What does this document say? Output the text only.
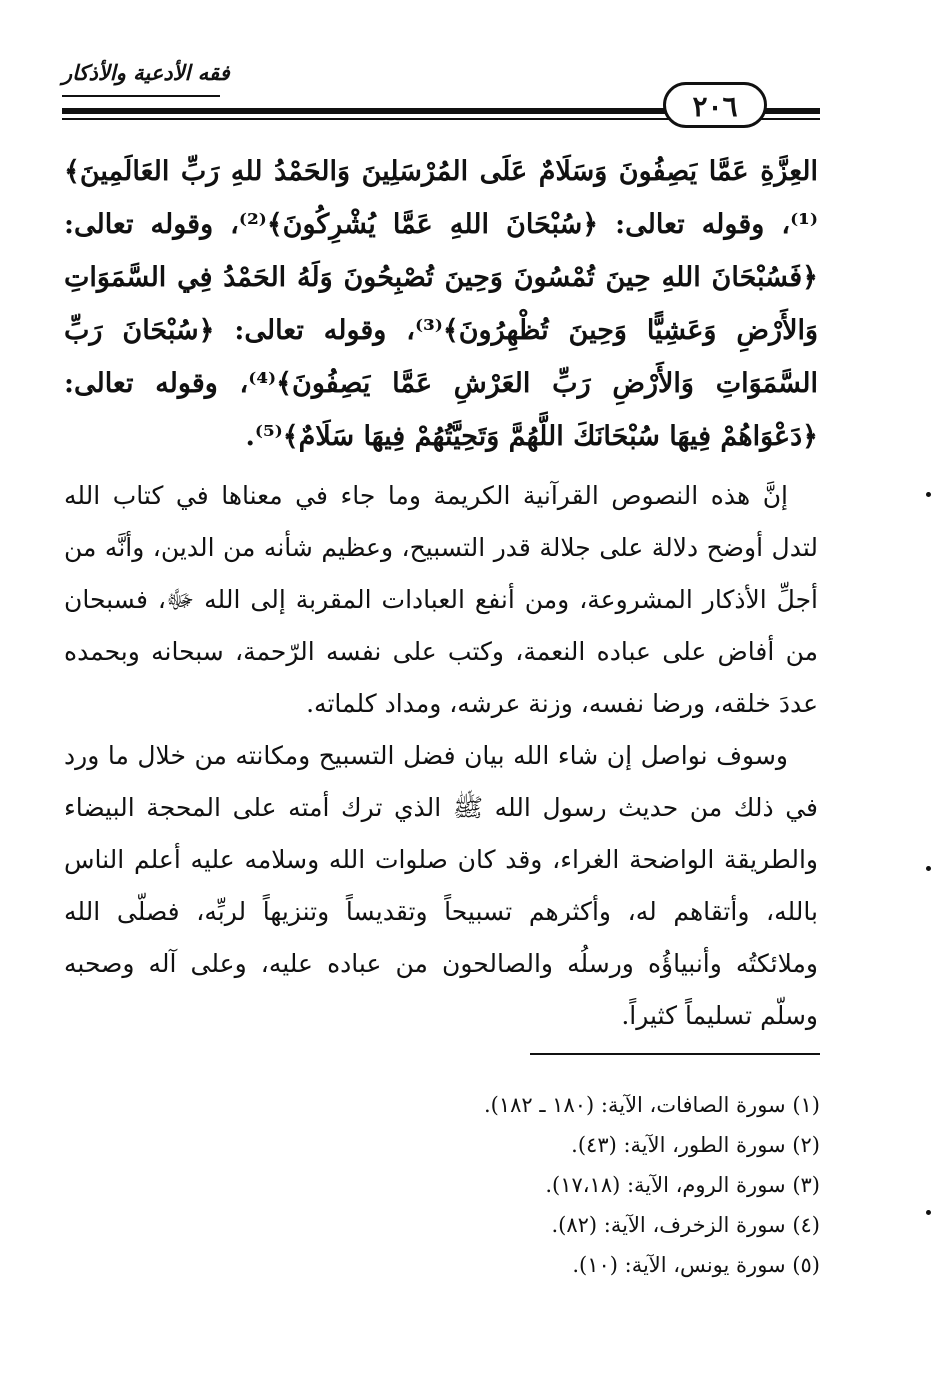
فقه الأدعية والأذكار
٢٠٦

العِزَّةِ عَمَّا يَصِفُونَ وَسَلَامٌ عَلَى المُرْسَلِينَ وَالحَمْدُ للهِ رَبِّ العَالَمِينَ﴾⁽¹⁾، وقوله تعالى: ﴿سُبْحَانَ اللهِ عَمَّا يُشْرِكُونَ﴾⁽²⁾، وقوله تعالى: ﴿فَسُبْحَانَ اللهِ حِينَ تُمْسُونَ وَحِينَ تُصْبِحُونَ وَلَهُ الحَمْدُ فِي السَّمَوَاتِ وَالأَرْضِ وَعَشِيًّا وَحِينَ تُظْهِرُونَ﴾⁽³⁾، وقوله تعالى: ﴿سُبْحَانَ رَبِّ السَّمَوَاتِ وَالأَرْضِ رَبِّ العَرْشِ عَمَّا يَصِفُونَ﴾⁽⁴⁾، وقوله تعالى: ﴿دَعْوَاهُمْ فِيهَا سُبْحَانَكَ اللَّهُمَّ وَتَحِيَّتُهُمْ فِيهَا سَلَامٌ﴾⁽⁵⁾.

إنَّ هذه النصوص القرآنية الكريمة وما جاء في معناها في كتاب الله لتدل أوضح دلالة على جلالة قدر التسبيح، وعظيم شأنه من الدين، وأنَّه من أجلِّ الأذكار المشروعة، ومن أنفع العبادات المقربة إلى الله ﷻ، فسبحان من أفاض على عباده النعمة، وكتب على نفسه الرّحمة، سبحانه وبحمده عددَ خلقه، ورضا نفسه، وزنة عرشه، ومداد كلماته.

وسوف نواصل إن شاء الله بيان فضل التسبيح ومكانته من خلال ما ورد في ذلك من حديث رسول الله ﷺ الذي ترك أمته على المحجة البيضاء والطريقة الواضحة الغراء، وقد كان صلوات الله وسلامه عليه أعلم الناس بالله، وأتقاهم له، وأكثرهم تسبيحاً وتقديساً وتنزيهاً لربِّه، فصلّى الله وملائكتُه وأنبياؤُه ورسلُه والصالحون من عباده عليه، وعلى آله وصحبه وسلّم تسليماً كثيراً.

(١) سورة الصافات، الآية: (١٨٠ ـ ١٨٢).
(٢) سورة الطور، الآية: (٤٣).
(٣) سورة الروم، الآية: (١٧،١٨).
(٤) سورة الزخرف، الآية: (٨٢).
(٥) سورة يونس، الآية: (١٠).
